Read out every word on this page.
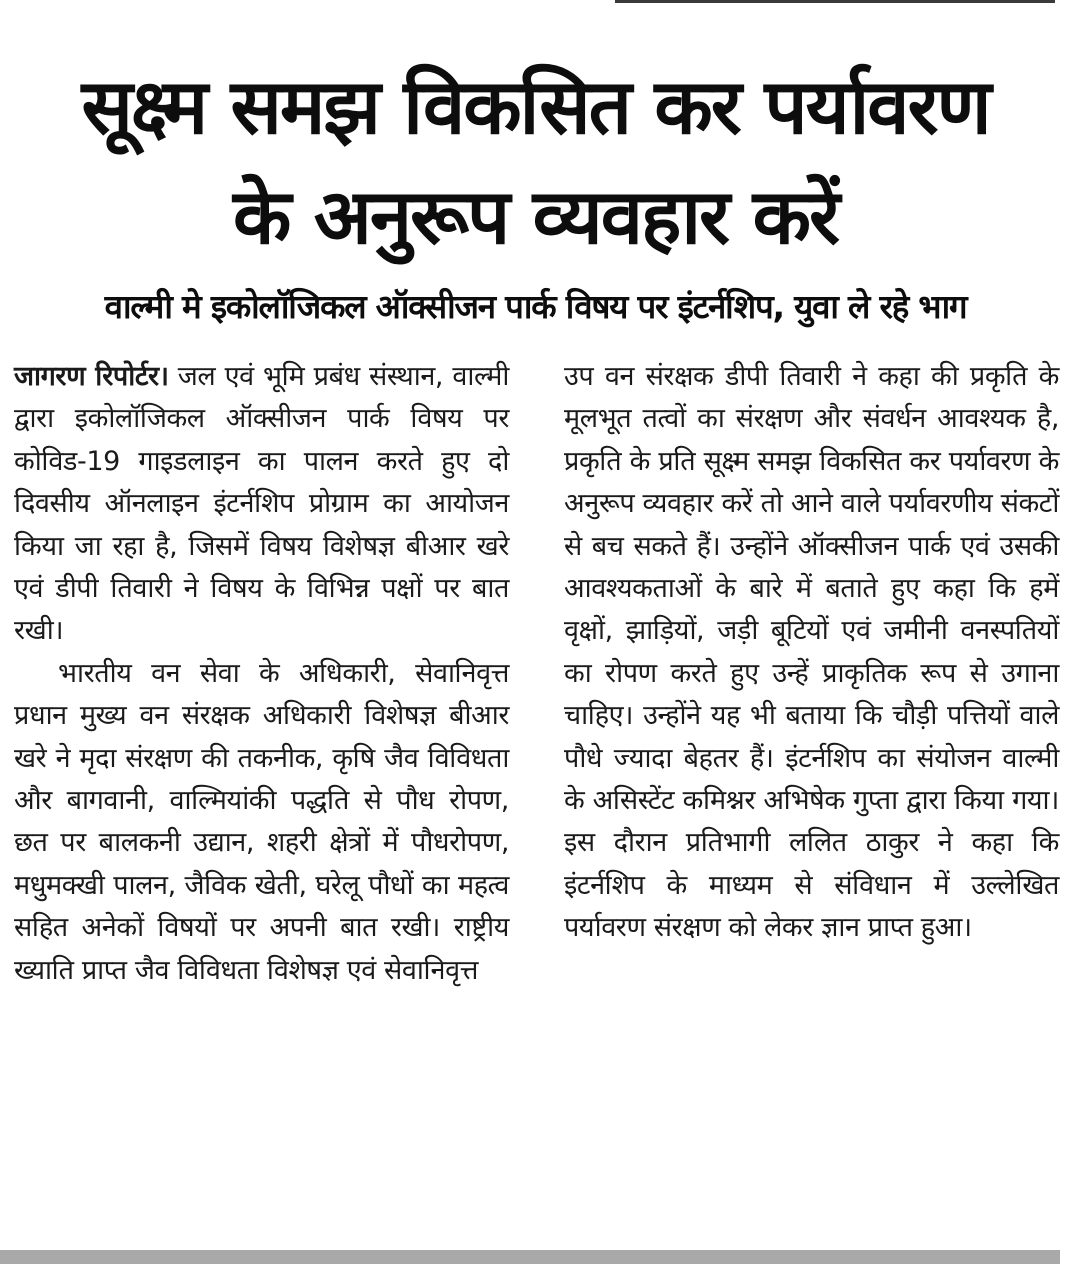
सूक्ष्म समझ विकसित कर पर्यावरण
के अनुरूप व्यवहार करें
वाल्मी मे इकोलॉजिकल ऑक्सीजन पार्क विषय पर इंटर्नशिप, युवा ले रहे भाग

जागरण रिपोर्टर। जल एवं भूमि प्रबंध संस्थान, वाल्मी द्वारा इकोलॉजिकल ऑक्सीजन पार्क विषय पर कोविड-19 गाइडलाइन का पालन करते हुए दो दिवसीय ऑनलाइन इंटर्नशिप प्रोग्राम का आयोजन किया जा रहा है, जिसमें विषय विशेषज्ञ बीआर खरे एवं डीपी तिवारी ने विषय के विभिन्न पक्षों पर बात रखी।

भारतीय वन सेवा के अधिकारी, सेवानिवृत्त प्रधान मुख्य वन संरक्षक अधिकारी विशेषज्ञ बीआर खरे ने मृदा संरक्षण की तकनीक, कृषि जैव विविधता और बागवानी, वाल्मियांकी पद्धति से पौध रोपण, छत पर बालकनी उद्यान, शहरी क्षेत्रों में पौधरोपण, मधुमक्खी पालन, जैविक खेती, घरेलू पौधों का महत्व सहित अनेकों विषयों पर अपनी बात रखी। राष्ट्रीय ख्याति प्राप्त जैव विविधता विशेषज्ञ एवं सेवानिवृत्त

उप वन संरक्षक डीपी तिवारी ने कहा की प्रकृति के मूलभूत तत्वों का संरक्षण और संवर्धन आवश्यक है, प्रकृति के प्रति सूक्ष्म समझ विकसित कर पर्यावरण के अनुरूप व्यवहार करें तो आने वाले पर्यावरणीय संकटों से बच सकते हैं। उन्होंने ऑक्सीजन पार्क एवं उसकी आवश्यकताओं के बारे में बताते हुए कहा कि हमें वृक्षों, झाड़ियों, जड़ी बूटियों एवं जमीनी वनस्पतियों का रोपण करते हुए उन्हें प्राकृतिक रूप से उगाना चाहिए। उन्होंने यह भी बताया कि चौड़ी पत्तियों वाले पौधे ज्यादा बेहतर हैं। इंटर्नशिप का संयोजन वाल्मी के असिस्टेंट कमिश्नर अभिषेक गुप्ता द्वारा किया गया। इस दौरान प्रतिभागी ललित ठाकुर ने कहा कि इंटर्नशिप के माध्यम से संविधान में उल्लेखित पर्यावरण संरक्षण को लेकर ज्ञान प्राप्त हुआ।
